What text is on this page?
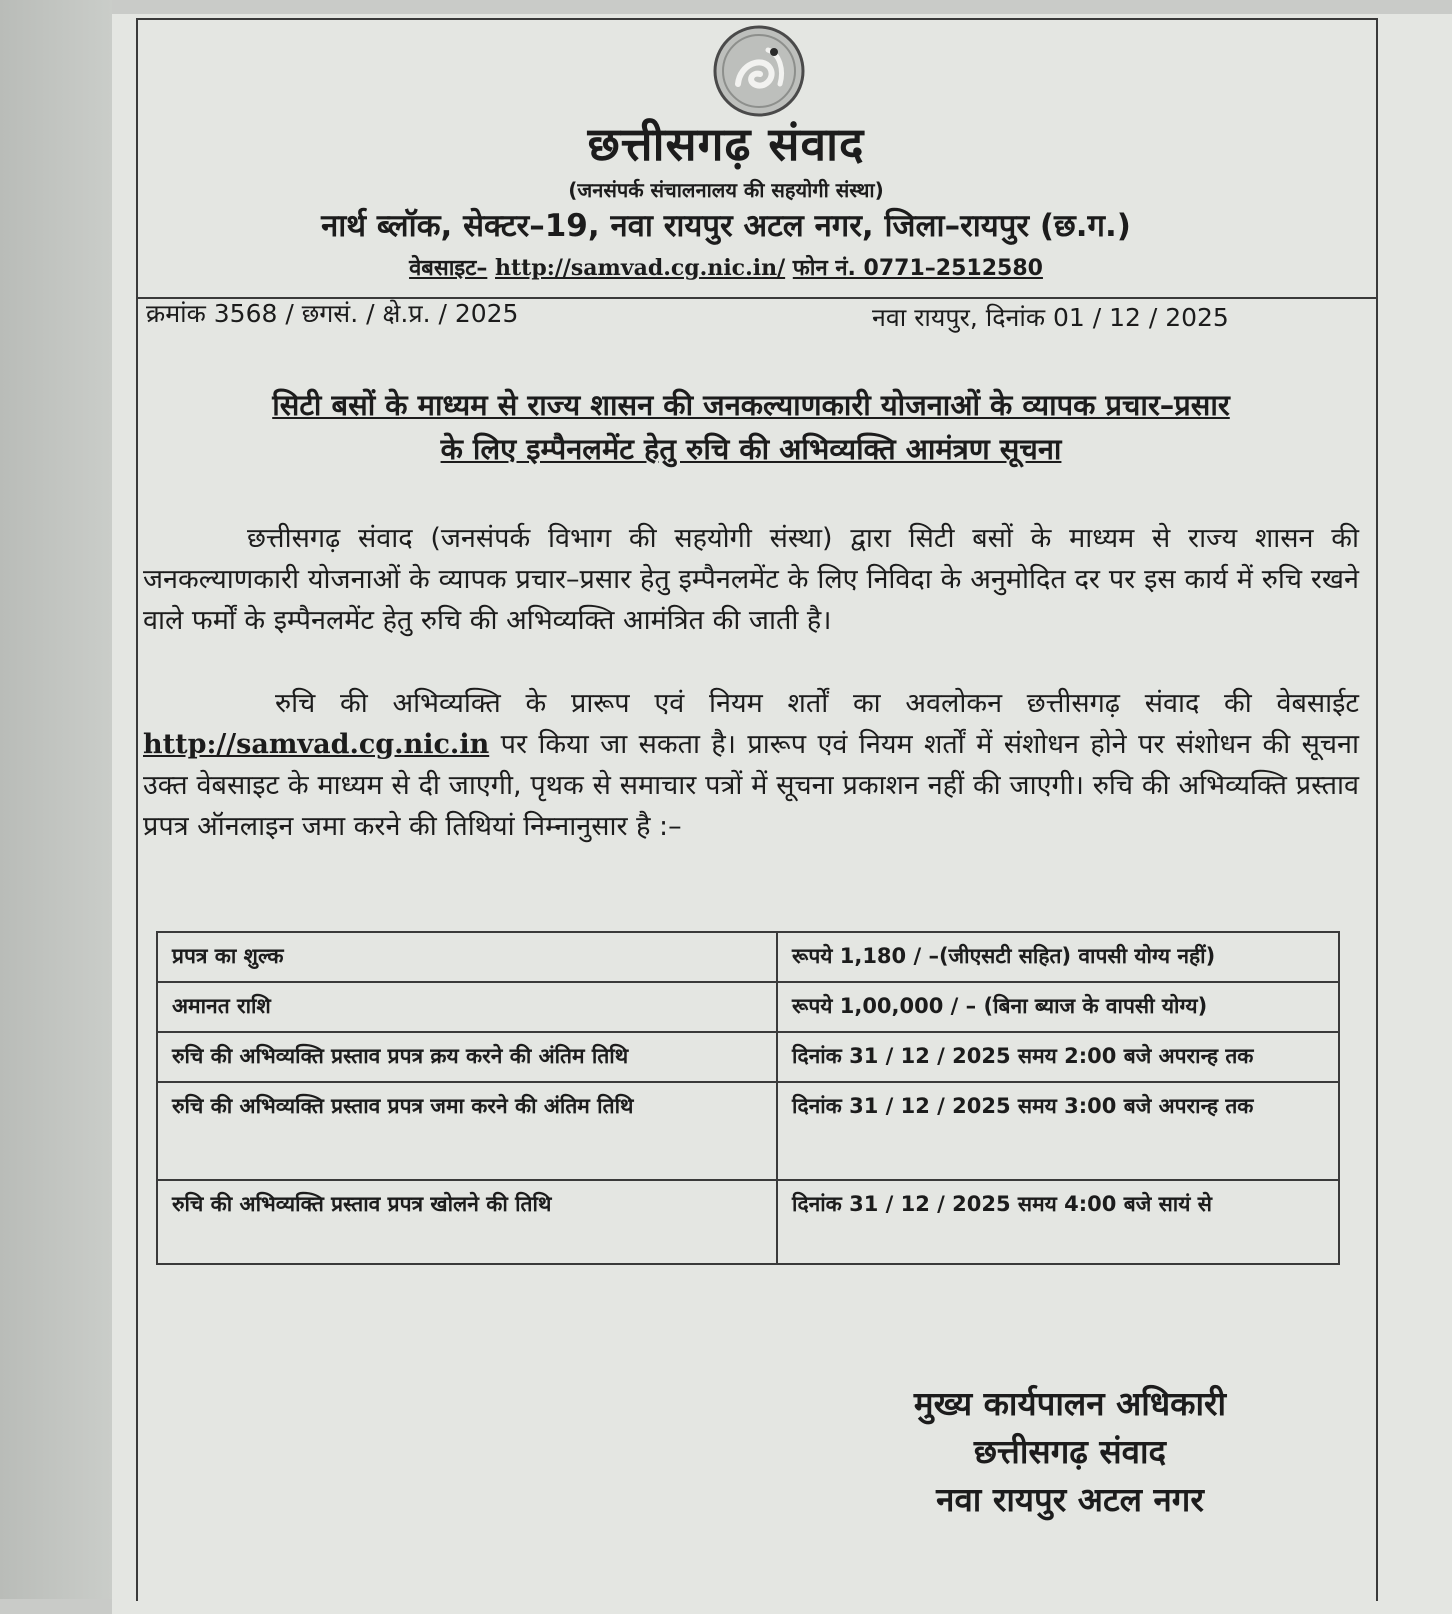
छत्तीसगढ़ संवाद
(जनसंपर्क संचालनालय की सहयोगी संस्था)
नार्थ ब्लॉक, सेक्टर–19, नवा रायपुर अटल नगर, जिला–रायपुर (छ.ग.)
वेबसाइट– http://samvad.cg.nic.in/ फोन नं. 0771–2512580
क्रमांक 3568 / छगसं. / क्षे.प्र. / 2025	नवा रायपुर, दिनांक 01 / 12 / 2025
सिटी बसों के माध्यम से राज्य शासन की जनकल्याणकारी योजनाओं के व्यापक प्रचार–प्रसार
के लिए इम्पैनलमेंट हेतु रुचि की अभिव्यक्ति आमंत्रण सूचना

छत्तीसगढ़ संवाद (जनसंपर्क विभाग की सहयोगी संस्था) द्वारा सिटी बसों के माध्यम से राज्य शासन की जनकल्याणकारी योजनाओं के व्यापक प्रचार–प्रसार हेतु इम्पैनलमेंट के लिए निविदा के अनुमोदित दर पर इस कार्य में रुचि रखने वाले फर्मों के इम्पैनलमेंट हेतु रुचि की अभिव्यक्ति आमंत्रित की जाती है।

रुचि की अभिव्यक्ति के प्रारूप एवं नियम शर्तों का अवलोकन छत्तीसगढ़ संवाद की वेबसाईट http://samvad.cg.nic.in पर किया जा सकता है। प्रारूप एवं नियम शर्तों में संशोधन होने पर संशोधन की सूचना उक्त वेबसाइट के माध्यम से दी जाएगी, पृथक से समाचार पत्रों में सूचना प्रकाशन नहीं की जाएगी। रुचि की अभिव्यक्ति प्रस्ताव प्रपत्र ऑनलाइन जमा करने की तिथियां निम्नानुसार है :–

प्रपत्र का शुल्क	रूपये 1,180 / –(जीएसटी सहित) वापसी योग्य नहीं)
अमानत राशि	रूपये 1,00,000 / – (बिना ब्याज के वापसी योग्य)
रुचि की अभिव्यक्ति प्रस्ताव प्रपत्र क्रय करने की अंतिम तिथि	दिनांक 31 / 12 / 2025 समय 2:00 बजे अपरान्ह तक
रुचि की अभिव्यक्ति प्रस्ताव प्रपत्र जमा करने की अंतिम तिथि	दिनांक 31 / 12 / 2025 समय 3:00 बजे अपरान्ह तक
रुचि की अभिव्यक्ति प्रस्ताव प्रपत्र खोलने की तिथि	दिनांक 31 / 12 / 2025 समय 4:00 बजे सायं से
मुख्य कार्यपालन अधिकारी
छत्तीसगढ़ संवाद
नवा रायपुर अटल नगर
